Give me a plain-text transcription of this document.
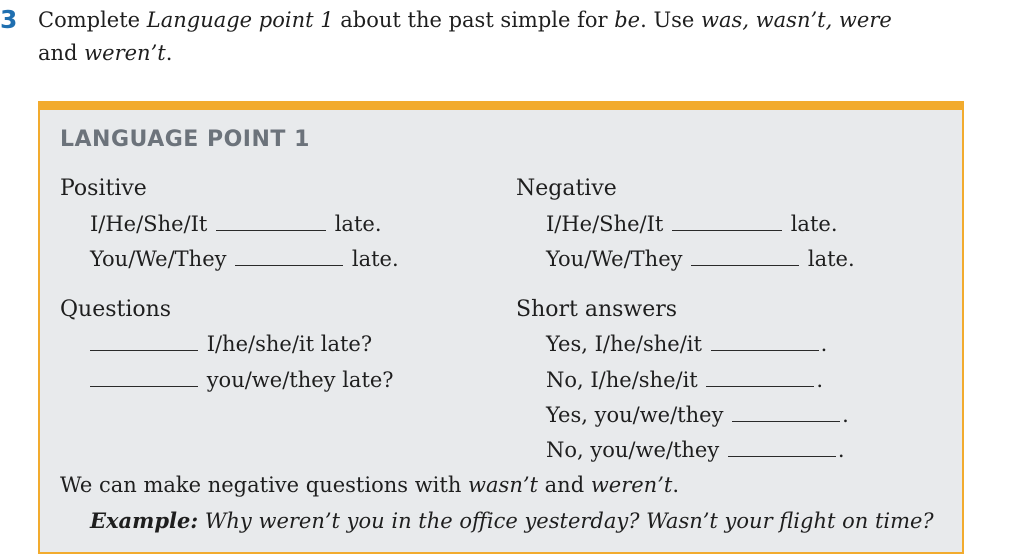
3 Complete Language point 1 about the past simple for be. Use was, wasn’t, were
and weren’t.
LANGUAGE POINT 1
Positive
I/He/She/It	late.
You/We/They	late.
Negative
I/He/She/It	late.
You/We/They	late.
Questions
I/he/she/it late?
you/we/they late?
Short answers
Yes, I/he/she/it	.
No, I/he/she/it	.
Yes, you/we/they	.
No, you/we/they	.
We can make negative questions with wasn’t and weren’t.
Example: Why weren’t you in the office yesterday? Wasn’t your flight on time?
